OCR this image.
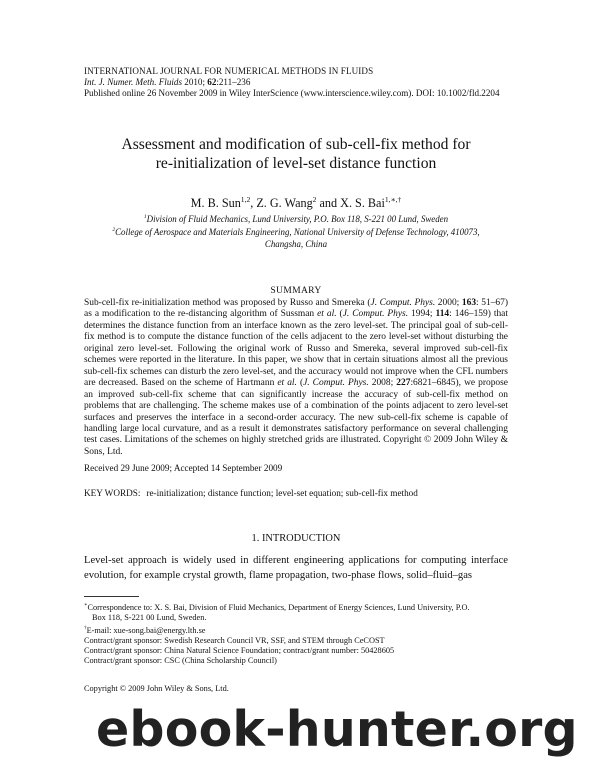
INTERNATIONAL JOURNAL FOR NUMERICAL METHODS IN FLUIDS
Int. J. Numer. Meth. Fluids 2010; 62:211–236
Published online 26 November 2009 in Wiley InterScience (www.interscience.wiley.com). DOI: 10.1002/fld.2204
Assessment and modification of sub-cell-fix method for
re-initialization of level-set distance function
M. B. Sun$^{1,2}$, Z. G. Wang$^2$ and X. S. Bai$^{1,∗,\dagger}$
$^1$Division of Fluid Mechanics, Lund University, P.O. Box 118, S-221 00 Lund, Sweden
$^2$College of Aerospace and Materials Engineering, National University of Defense Technology, 410073,
Changsha, China
SUMMARY
Sub-cell-fix re-initialization method was proposed by Russo and Smereka (J. Comput. Phys. 2000; 163: 51–67) as a modification to the re-distancing algorithm of Sussman et al. (J. Comput. Phys. 1994; 114: 146–159) that determines the distance function from an interface known as the zero level-set. The principal goal of sub-cell-fix method is to compute the distance function of the cells adjacent to the zero level-set without disturbing the original zero level-set. Following the original work of Russo and Smereka, several improved sub-cell-fix schemes were reported in the literature. In this paper, we show that in certain situations almost all the previous sub-cell-fix schemes can disturb the zero level-set, and the accuracy would not improve when the CFL numbers are decreased. Based on the scheme of Hartmann et al. (J. Comput. Phys. 2008; 227:6821–6845), we propose an improved sub-cell-fix scheme that can significantly increase the accuracy of sub-cell-fix method on problems that are challenging. The scheme makes use of a combination of the points adjacent to zero level-set surfaces and preserves the interface in a second-order accuracy. The new sub-cell-fix scheme is capable of handling large local curvature, and as a result it demonstrates satisfactory performance on several challenging test cases. Limitations of the schemes on highly stretched grids are illustrated. Copyright © 2009 John Wiley & Sons, Ltd.
Received 29 June 2009; Accepted 14 September 2009
KEY WORDS: re-initialization; distance function; level-set equation; sub-cell-fix method
1. INTRODUCTION
Level-set approach is widely used in different engineering applications for computing interface evolution, for example crystal growth, flame propagation, two-phase flows, solid–fluid–gas
∗Correspondence to: X. S. Bai, Division of Fluid Mechanics, Department of Energy Sciences, Lund University, P.O.
Box 118, S-221 00 Lund, Sweden.
†E-mail: xue-song.bai@energy.lth.se
Contract/grant sponsor: Swedish Research Council VR, SSF, and STEM through CeCOST
Contract/grant sponsor: China Natural Science Foundation; contract/grant number: 50428605
Contract/grant sponsor: CSC (China Scholarship Council)
Copyright © 2009 John Wiley & Sons, Ltd.
ebook-hunter.org
